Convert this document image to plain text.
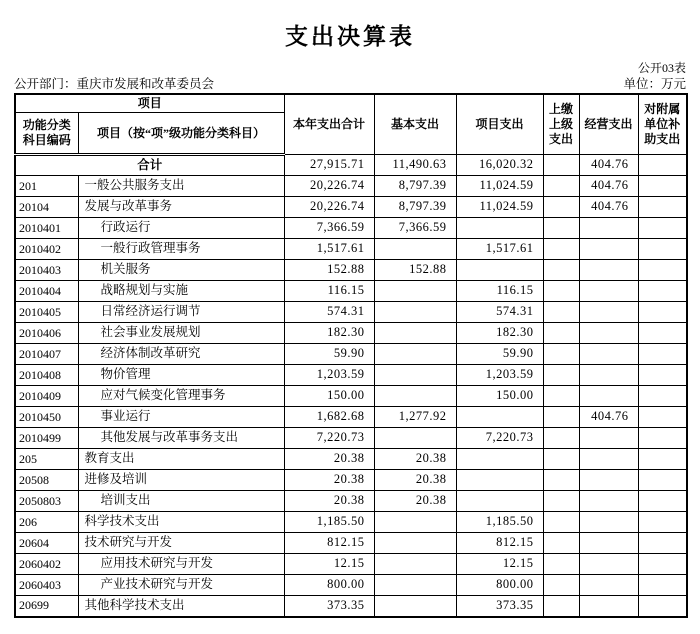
支出决算表
公开03表
公开部门：重庆市发展和改革委员会	单位：万元
项目		本年支出合计	基本支出	项目支出	上缴上级支出	经营支出	对附属单位补助支出
功能分类科目编码	项目（按“项”级功能分类科目）						
合计		27,915.71	11,490.63	16,020.32		404.76	
201	一般公共服务支出	20,226.74	8,797.39	11,024.59		404.76	
20104	发展与改革事务	20,226.74	8,797.39	11,024.59		404.76	
2010401	行政运行	7,366.59	7,366.59				
2010402	一般行政管理事务	1,517.61		1,517.61			
2010403	机关服务	152.88	152.88				
2010404	战略规划与实施	116.15		116.15			
2010405	日常经济运行调节	574.31		574.31			
2010406	社会事业发展规划	182.30		182.30			
2010407	经济体制改革研究	59.90		59.90			
2010408	物价管理	1,203.59		1,203.59			
2010409	应对气候变化管理事务	150.00		150.00			
2010450	事业运行	1,682.68	1,277.92			404.76	
2010499	其他发展与改革事务支出	7,220.73		7,220.73			
205	教育支出	20.38	20.38				
20508	进修及培训	20.38	20.38				
2050803	培训支出	20.38	20.38				
206	科学技术支出	1,185.50		1,185.50			
20604	技术研究与开发	812.15		812.15			
2060402	应用技术研究与开发	12.15		12.15			
2060403	产业技术研究与开发	800.00		800.00			
20699	其他科学技术支出	373.35		373.35			
